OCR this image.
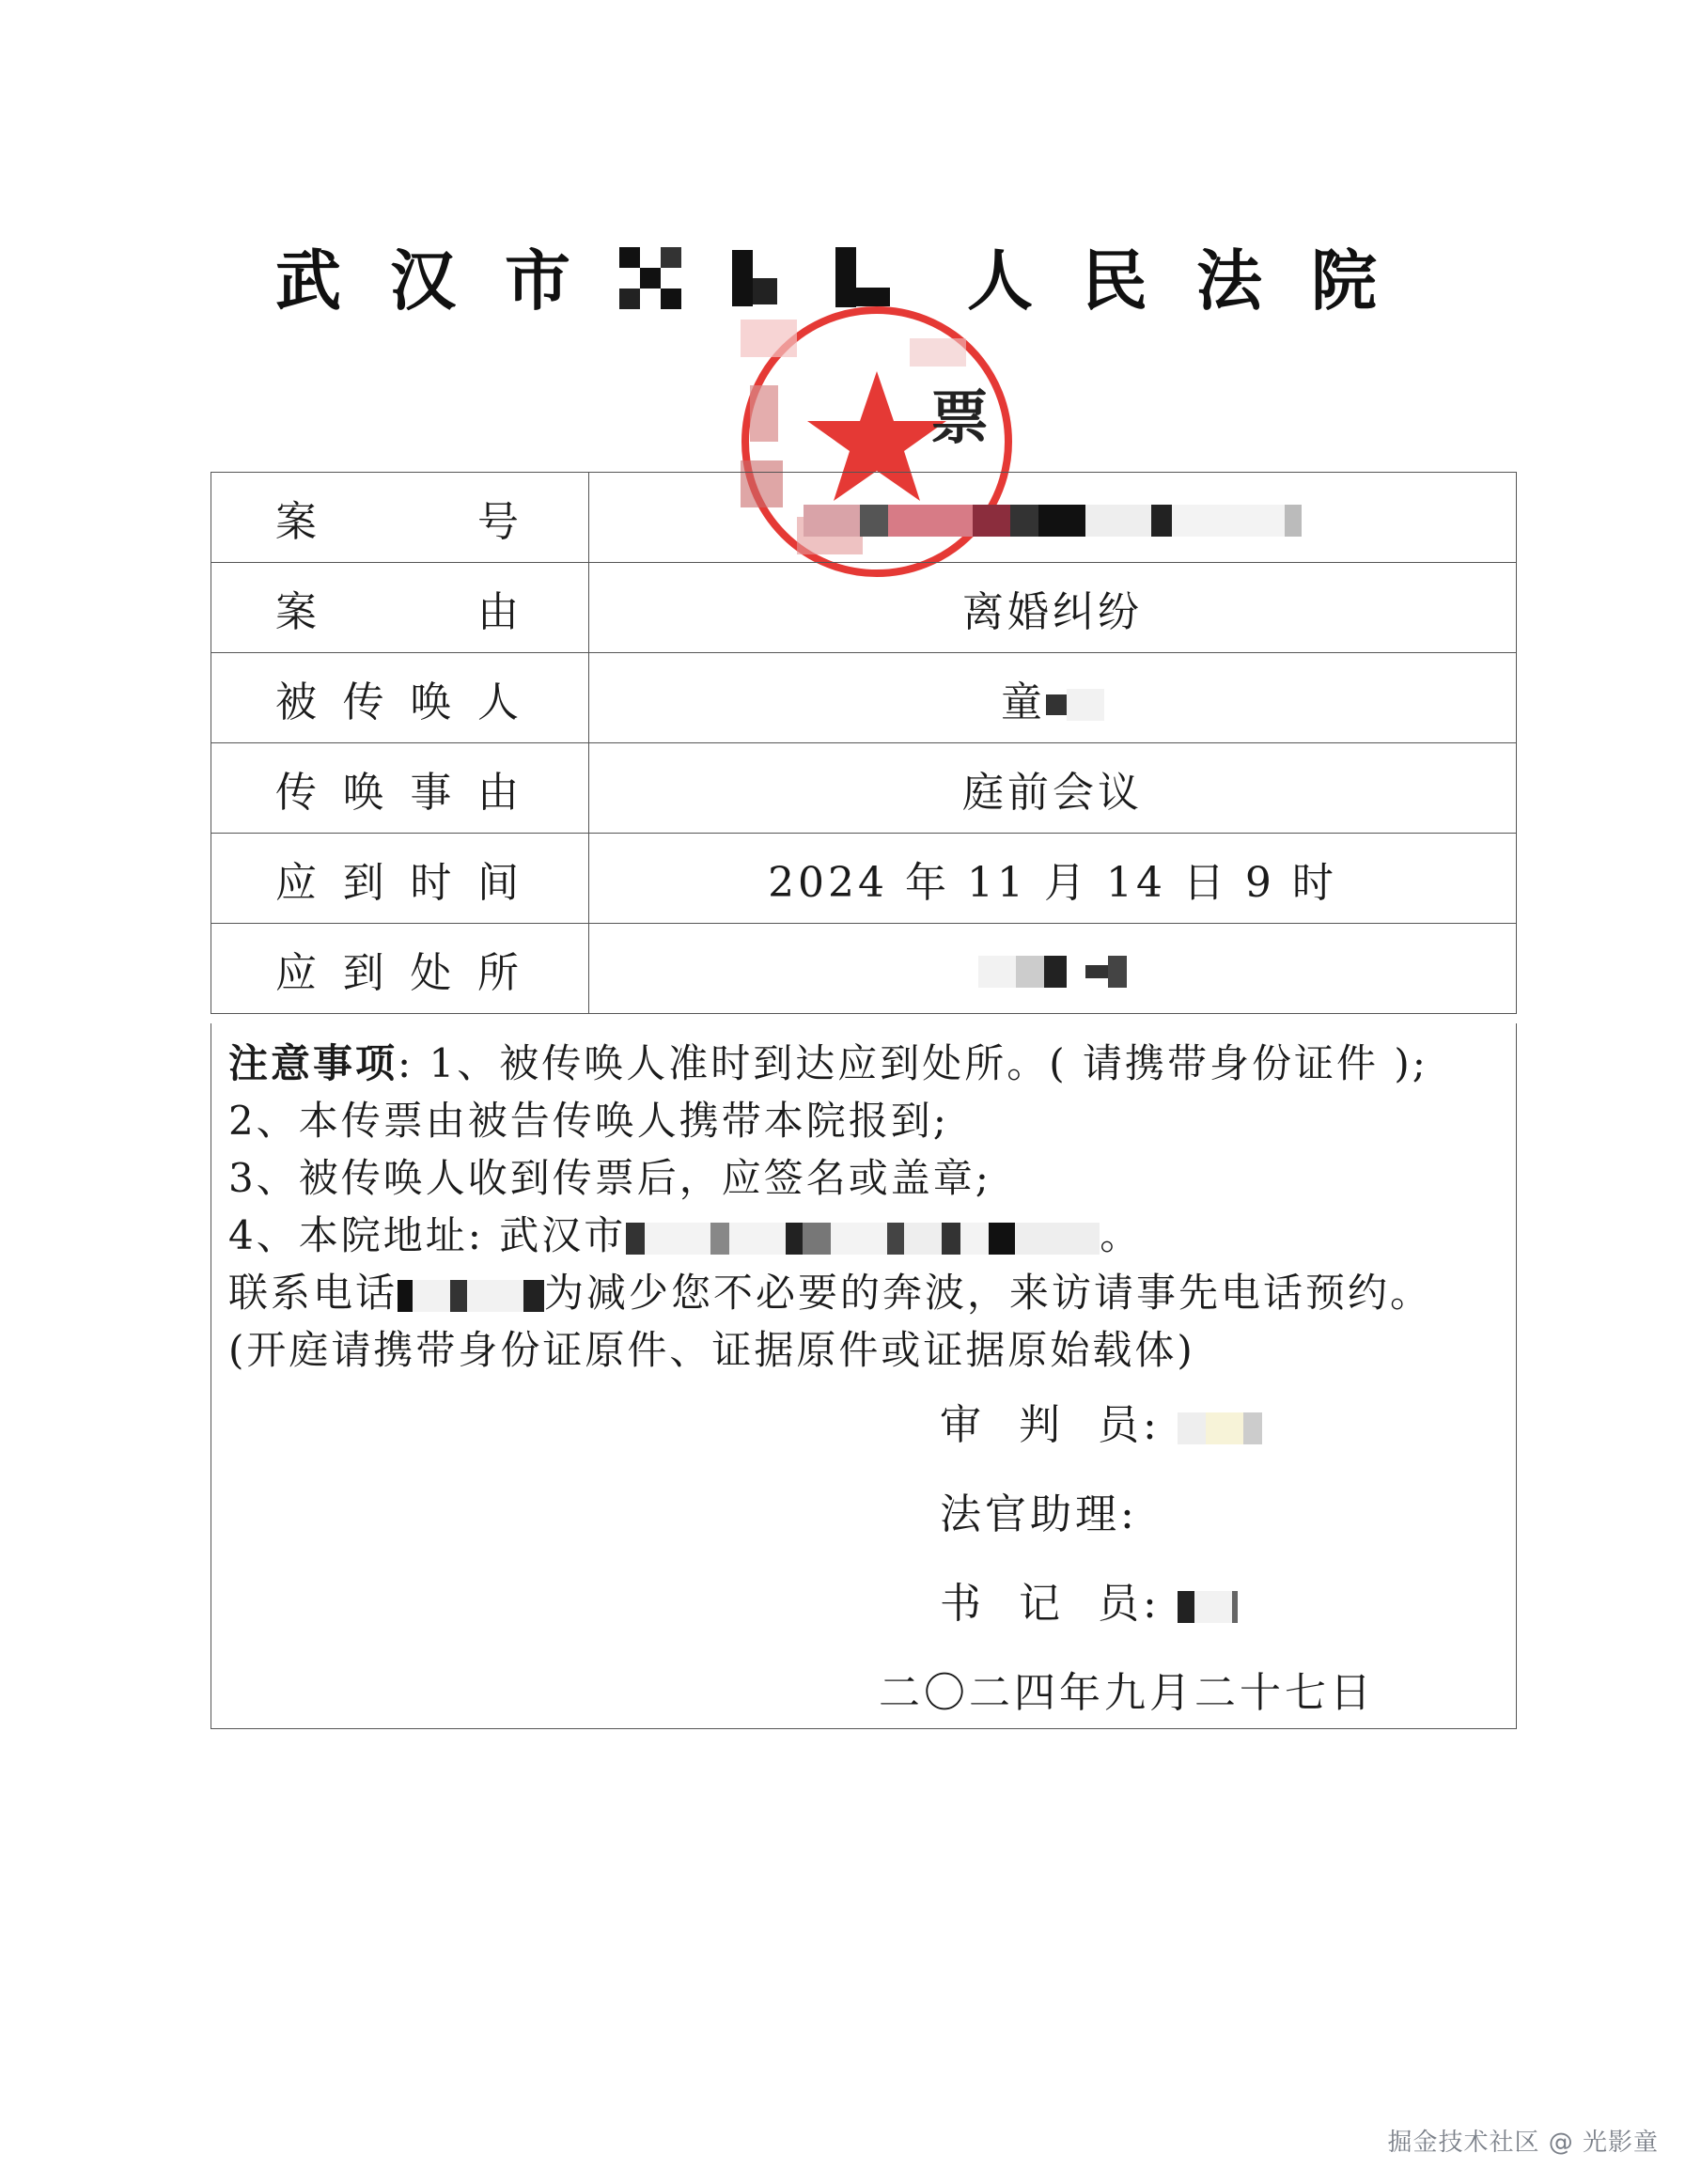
武汉市	人民法院
票
案号	
案由	离婚纠纷
被传唤人	童
传唤事由	庭前会议
应到时间	2024 年 11 月 14 日 9 时
应到处所	

注意事项: 1、被传唤人准时到达应到处所。( 请携带身份证件 );

2、本传票由被告传唤人携带本院报到;

3、被传唤人收到传票后，应签名或盖章;

4、本院地址: 武汉市	。

联系电话	为减少您不必要的奔波，来访请事先电话预约。

(开庭请携带身份证原件、证据原件或证据原始载体)

审  判  员:
法官助理:
书  记  员:
二〇二四年九月二十七日
掘金技术社区 @ 光影童
